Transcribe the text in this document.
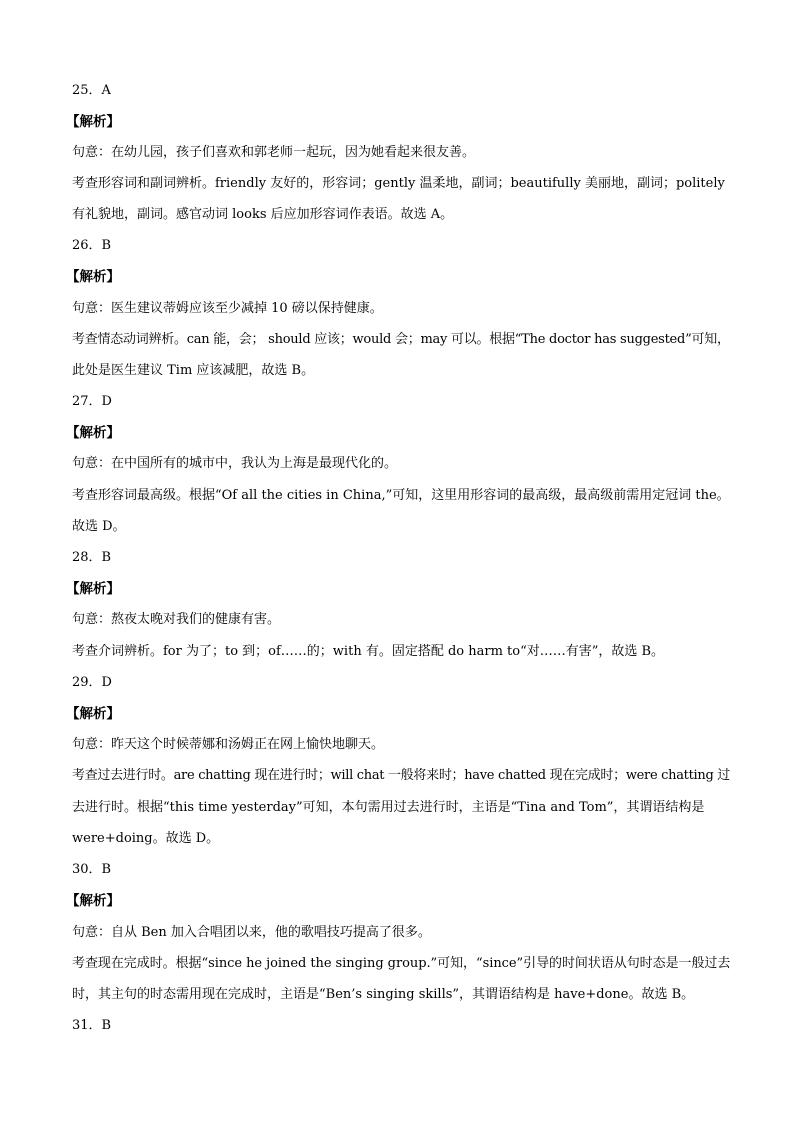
25．A
【解析】
句意：在幼儿园，孩子们喜欢和郭老师一起玩，因为她看起来很友善。
考查形容词和副词辨析。friendly 友好的，形容词；gently 温柔地，副词；beautifully 美丽地，副词；politely
有礼貌地，副词。感官动词 looks 后应加形容词作表语。故选 A。
26．B
【解析】
句意：医生建议蒂姆应该至少减掉 10 磅以保持健康。
考查情态动词辨析。can 能，会； should 应该；would 会；may 可以。根据“The doctor has suggested”可知，
此处是医生建议 Tim 应该减肥，故选 B。
27．D
【解析】
句意：在中国所有的城市中，我认为上海是最现代化的。
考查形容词最高级。根据“Of all the cities in China,”可知，这里用形容词的最高级，最高级前需用定冠词 the。
故选 D。
28．B
【解析】
句意：熬夜太晚对我们的健康有害。
考查介词辨析。for 为了；to 到；of……的；with 有。固定搭配 do harm to“对……有害”，故选 B。
29．D
【解析】
句意：昨天这个时候蒂娜和汤姆正在网上愉快地聊天。
考查过去进行时。are chatting 现在进行时；will chat 一般将来时；have chatted 现在完成时；were chatting 过
去进行时。根据“this time yesterday”可知，本句需用过去进行时，主语是“Tina and Tom”，其谓语结构是
were+doing。故选 D。
30．B
【解析】
句意：自从 Ben 加入合唱团以来，他的歌唱技巧提高了很多。
考查现在完成时。根据“since he joined the singing group.”可知，“since”引导的时间状语从句时态是一般过去
时，其主句的时态需用现在完成时，主语是“Ben’s singing skills”，其谓语结构是 have+done。故选 B。
31．B
